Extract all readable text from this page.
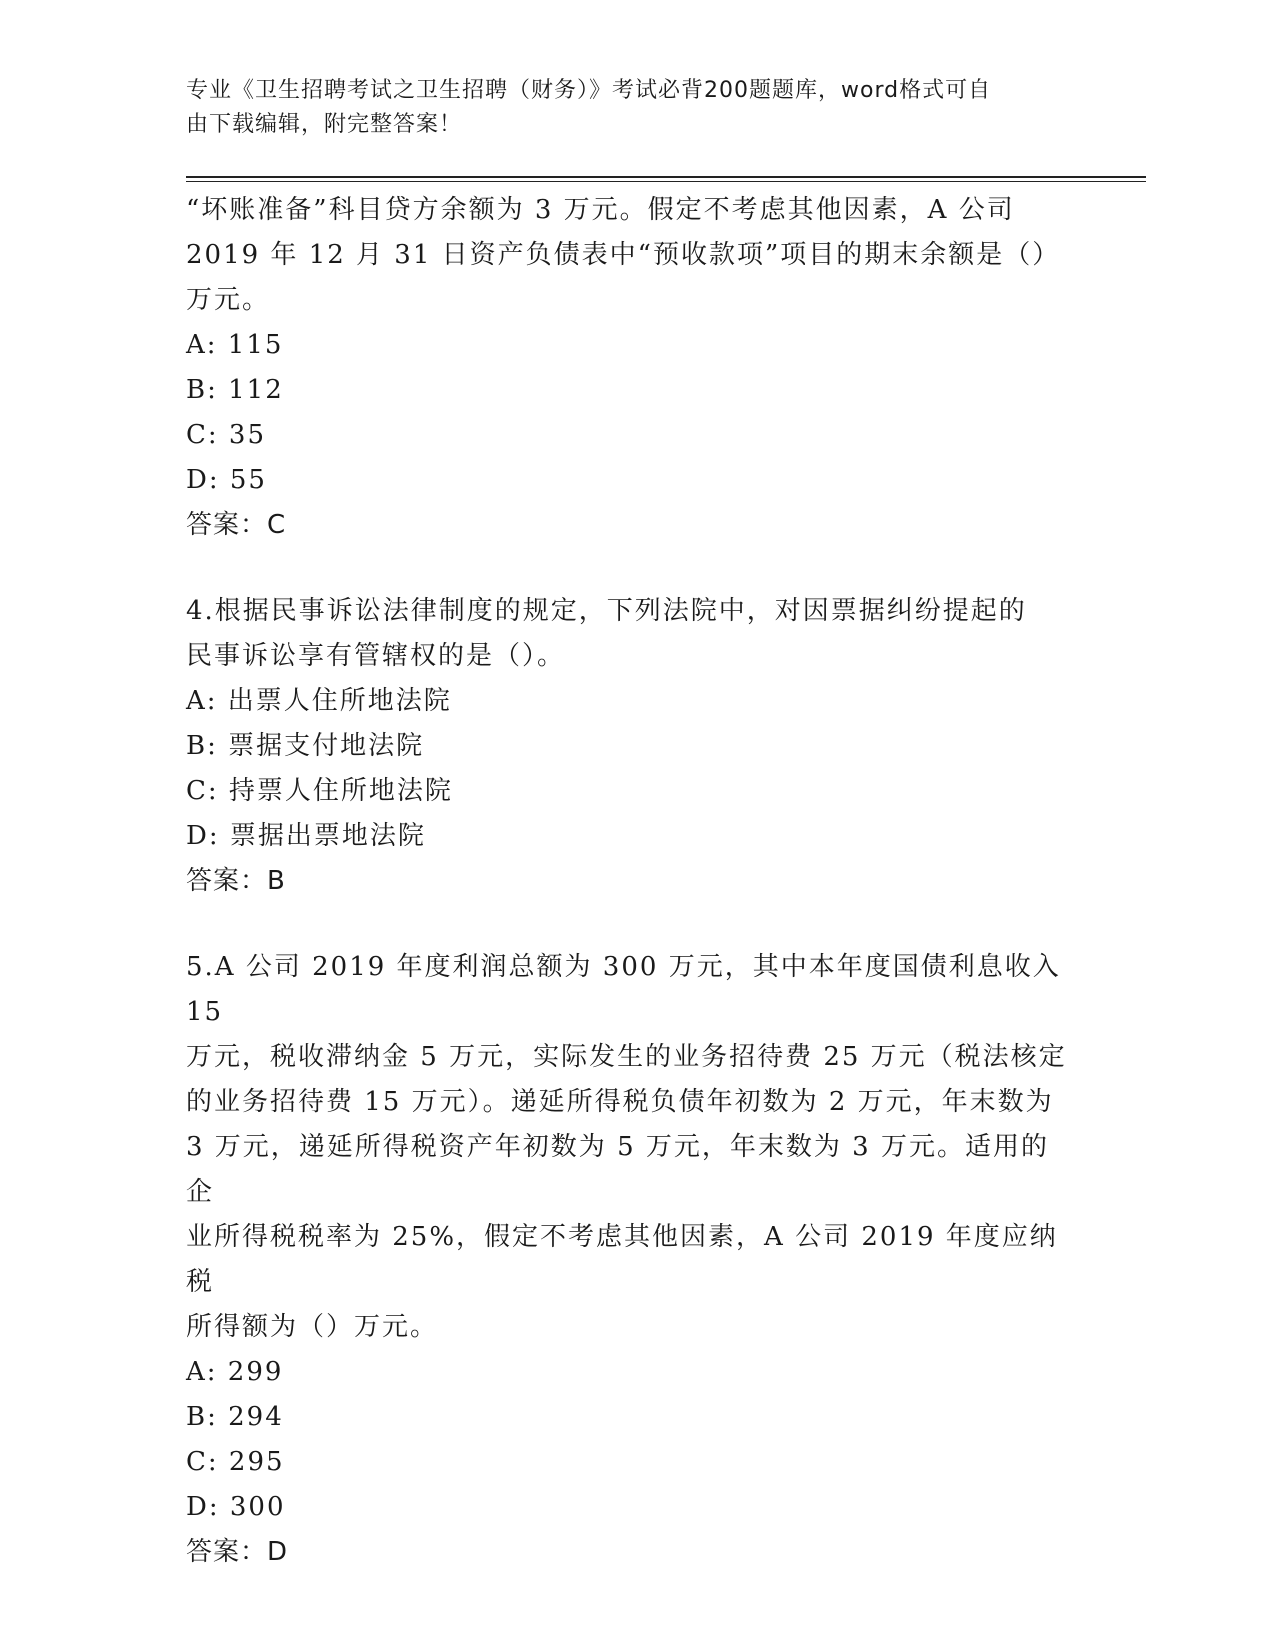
专业《卫生招聘考试之卫生招聘（财务）》考试必背200题题库，word格式可自
由下载编辑，附完整答案！
“坏账准备”科目贷方余额为 3 万元。假定不考虑其他因素，A 公司
2019 年 12 月 31 日资产负债表中“预收款项”项目的期末余额是（）
万元。
A: 115
B: 112
C: 35
D: 55
答案：C
4.根据民事诉讼法律制度的规定，下列法院中，对因票据纠纷提起的
民事诉讼享有管辖权的是（）。
A: 出票人住所地法院
B: 票据支付地法院
C: 持票人住所地法院
D: 票据出票地法院
答案：B
5.A 公司 2019 年度利润总额为 300 万元，其中本年度国债利息收入 15
万元，税收滞纳金 5 万元，实际发生的业务招待费 25 万元（税法核定
的业务招待费 15 万元）。递延所得税负债年初数为 2 万元，年末数为
3 万元，递延所得税资产年初数为 5 万元，年末数为 3 万元。适用的企
业所得税税率为 25%，假定不考虑其他因素，A 公司 2019 年度应纳税
所得额为（）万元。
A: 299
B: 294
C: 295
D: 300
答案：D
